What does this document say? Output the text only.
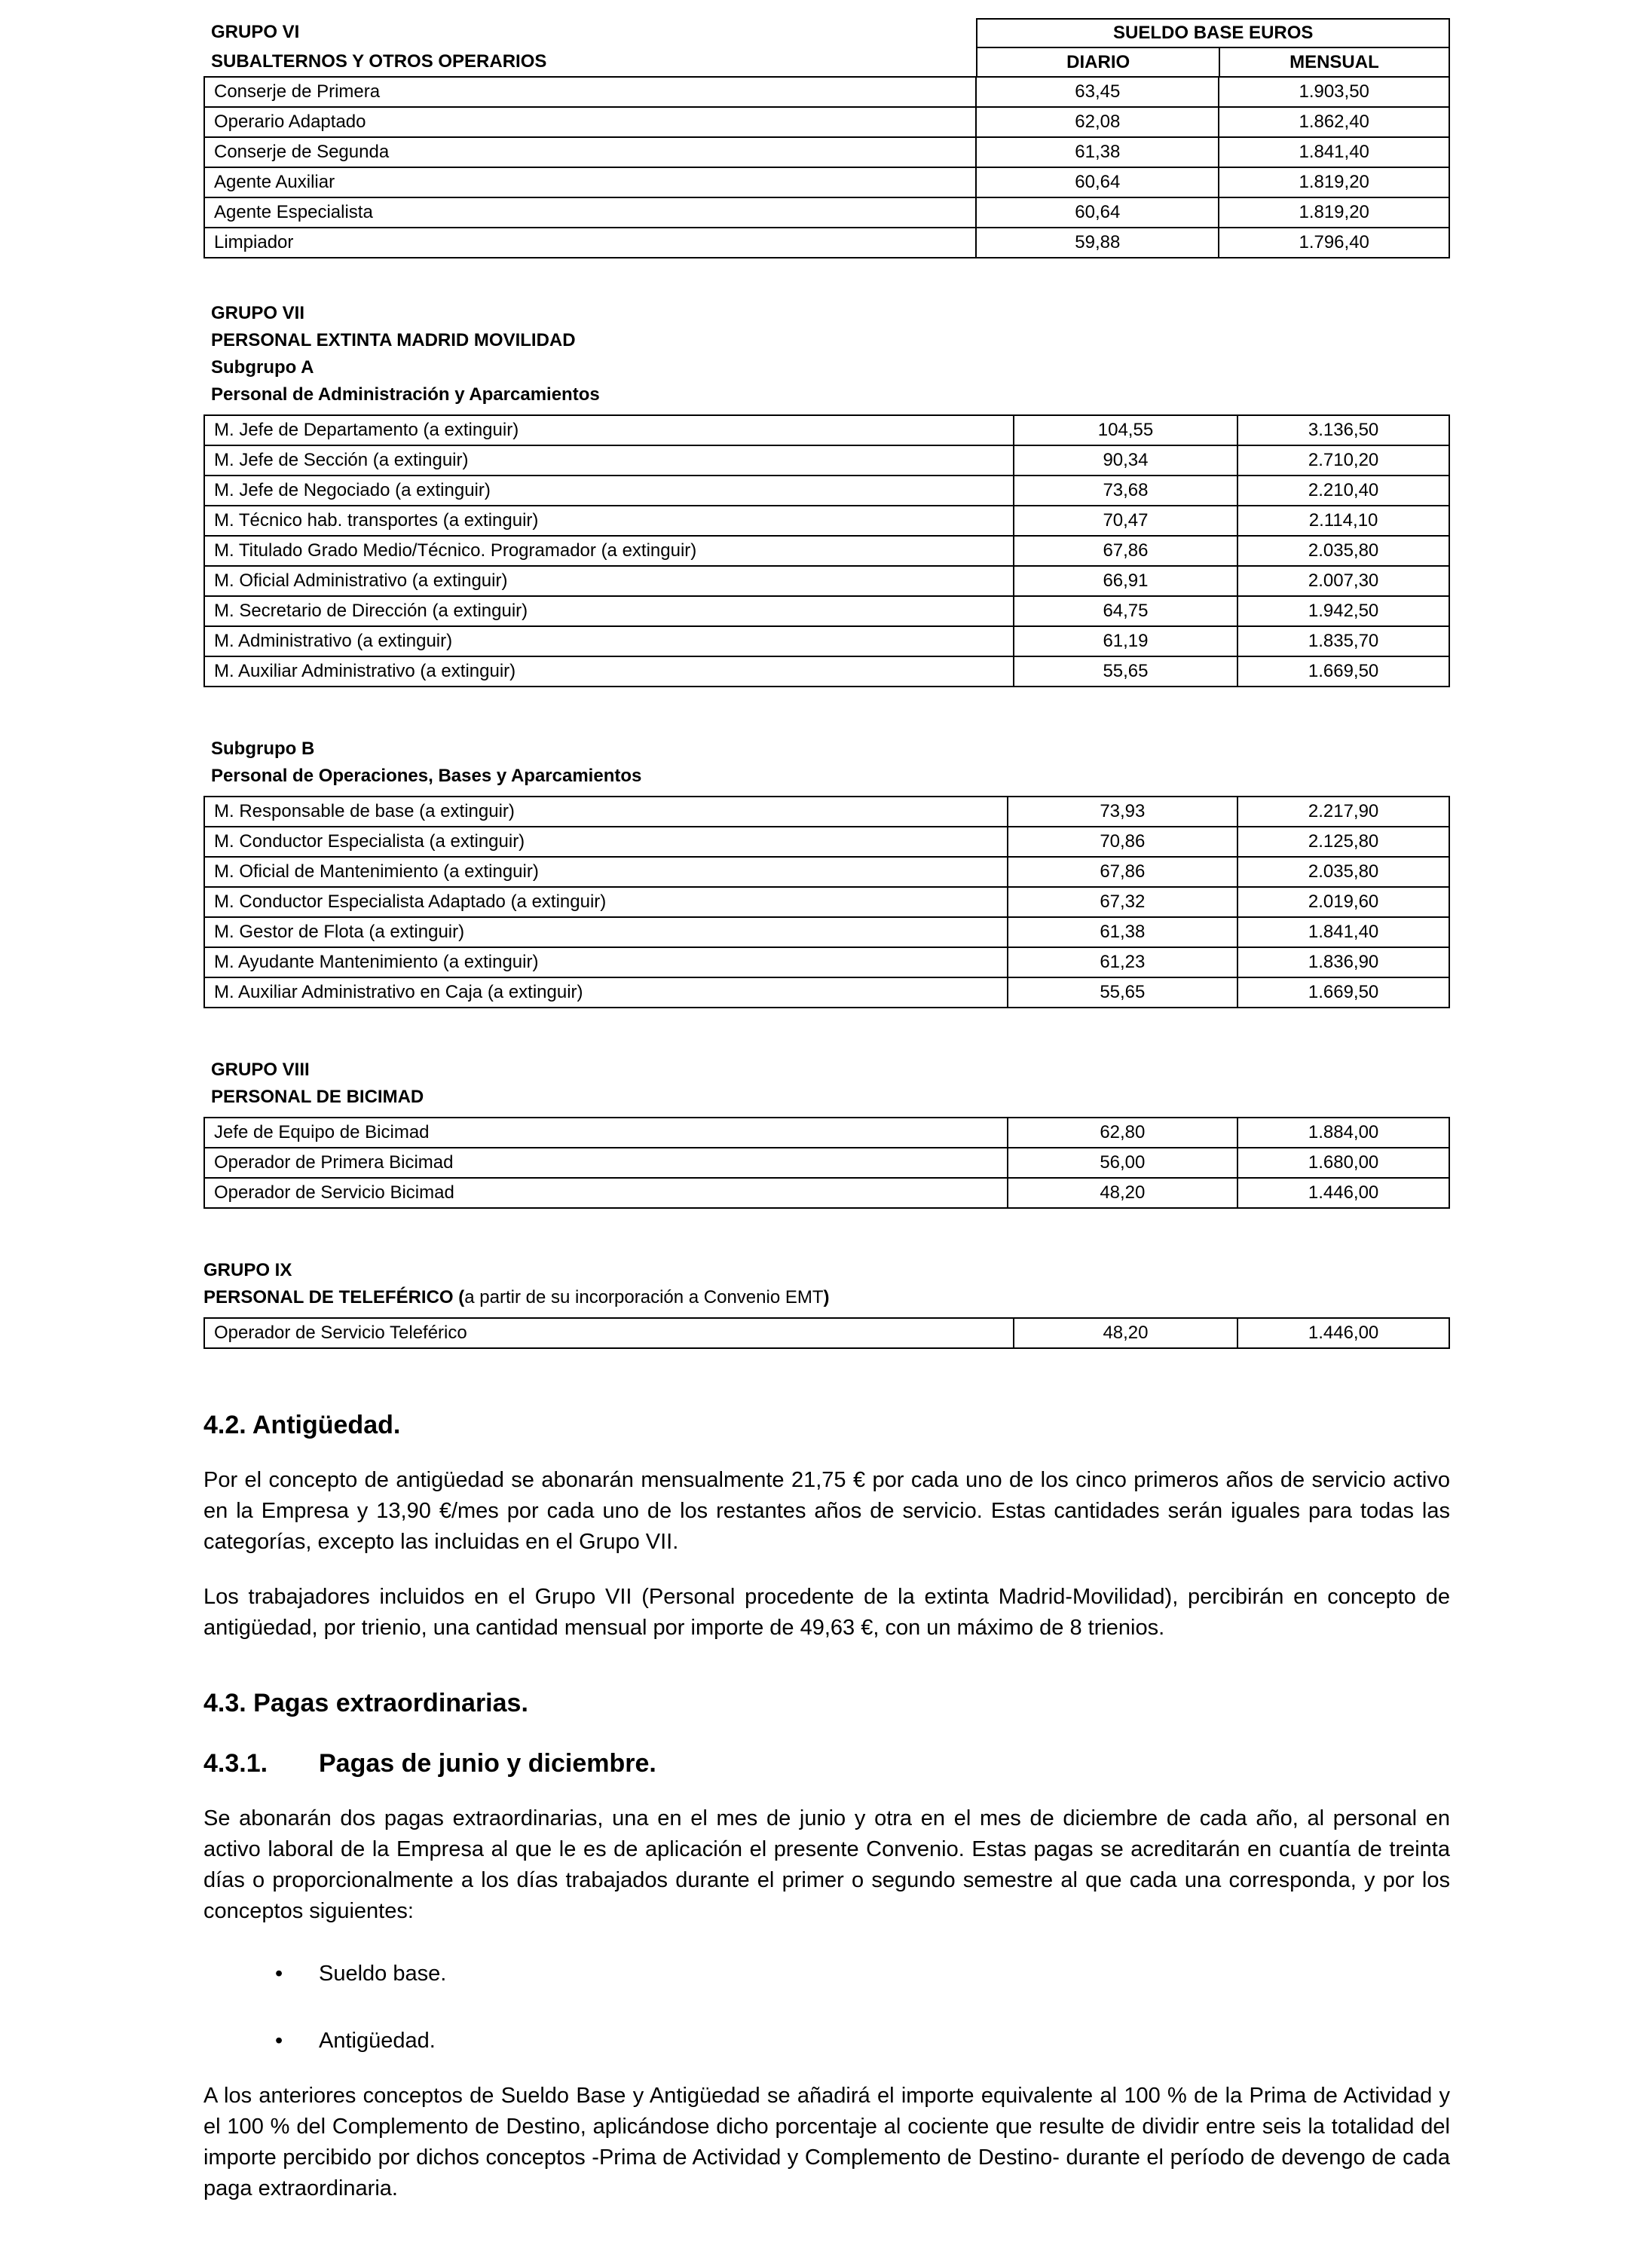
GRUPO VI
SUBALTERNOS Y OTROS OPERARIOS
SUELDO BASE EUROS
DIARIO	MENSUAL
Conserje de Primera	63,45	1.903,50
Operario Adaptado	62,08	1.862,40
Conserje de Segunda	61,38	1.841,40
Agente Auxiliar	60,64	1.819,20
Agente Especialista	60,64	1.819,20
Limpiador	59,88	1.796,40
GRUPO VII
PERSONAL EXTINTA MADRID MOVILIDAD
Subgrupo A
Personal de Administración y Aparcamientos
M. Jefe de Departamento (a extinguir)	104,55	3.136,50
M. Jefe de Sección (a extinguir)	90,34	2.710,20
M. Jefe de Negociado (a extinguir)	73,68	2.210,40
M. Técnico hab. transportes (a extinguir)	70,47	2.114,10
M. Titulado Grado Medio/Técnico. Programador (a extinguir)	67,86	2.035,80
M. Oficial Administrativo (a extinguir)	66,91	2.007,30
M. Secretario de Dirección (a extinguir)	64,75	1.942,50
M. Administrativo (a extinguir)	61,19	1.835,70
M. Auxiliar Administrativo (a extinguir)	55,65	1.669,50
Subgrupo B
Personal de Operaciones, Bases y Aparcamientos
M. Responsable de base (a extinguir)	73,93	2.217,90
M. Conductor Especialista (a extinguir)	70,86	2.125,80
M. Oficial de Mantenimiento (a extinguir)	67,86	2.035,80
M. Conductor Especialista Adaptado (a extinguir)	67,32	2.019,60
M. Gestor de Flota (a extinguir)	61,38	1.841,40
M. Ayudante Mantenimiento (a extinguir)	61,23	1.836,90
M. Auxiliar Administrativo en Caja (a extinguir)	55,65	1.669,50
GRUPO VIII
PERSONAL DE BICIMAD
Jefe de Equipo de Bicimad	62,80	1.884,00
Operador de Primera Bicimad	56,00	1.680,00
Operador de Servicio Bicimad	48,20	1.446,00
GRUPO IX
PERSONAL DE TELEFÉRICO (a partir de su incorporación a Convenio EMT)
Operador de Servicio Teleférico	48,20	1.446,00
4.2. Antigüedad.

Por el concepto de antigüedad se abonarán mensualmente 21,75 € por cada uno de los cinco primeros años de servicio activo en la Empresa y 13,90 €/mes por cada uno de los restantes años de servicio. Estas cantidades serán iguales para todas las categorías, excepto las incluidas en el Grupo VII.

Los trabajadores incluidos en el Grupo VII (Personal procedente de la extinta Madrid-Movilidad), percibirán en concepto de antigüedad, por trienio, una cantidad mensual por importe de 49,63 €, con un máximo de 8 trienios.

4.3. Pagas extraordinarias.
4.3.1. Pagas de junio y diciembre.

Se abonarán dos pagas extraordinarias, una en el mes de junio y otra en el mes de diciembre de cada año, al personal en activo laboral de la Empresa al que le es de aplicación el presente Convenio. Estas pagas se acreditarán en cuantía de treinta días o proporcionalmente a los días trabajados durante el primer o segundo semestre al que cada una corresponda, y por los conceptos siguientes:

• Sueldo base.
• Antigüedad.

A los anteriores conceptos de Sueldo Base y Antigüedad se añadirá el importe equivalente al 100 % de la Prima de Actividad y el 100 % del Complemento de Destino, aplicándose dicho porcentaje al cociente que resulte de dividir entre seis la totalidad del importe percibido por dichos conceptos -Prima de Actividad y Complemento de Destino- durante el período de devengo de cada paga extraordinaria.
